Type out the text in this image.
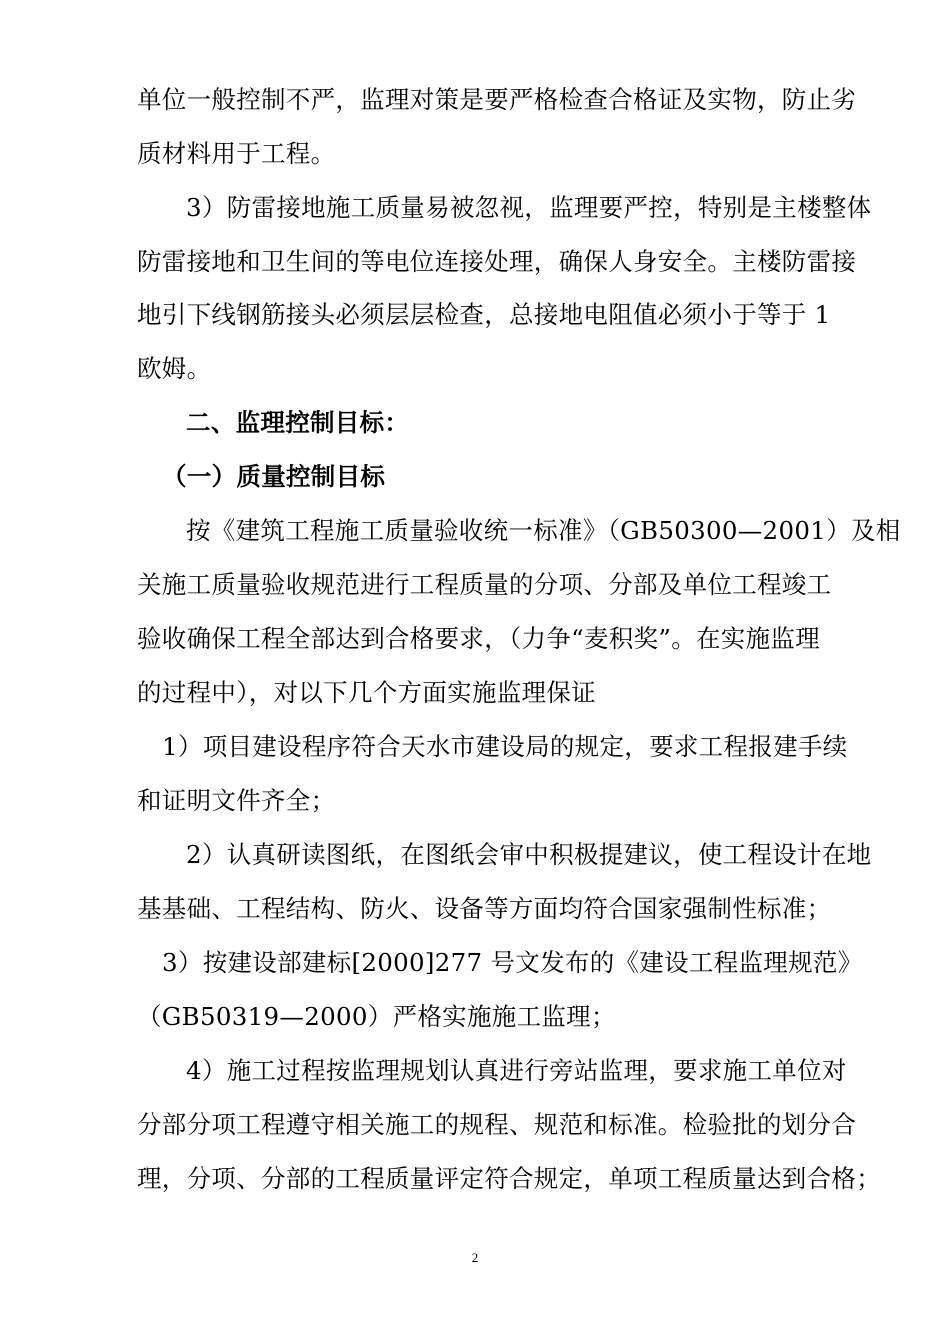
单位一般控制不严，监理对策是要严格检查合格证及实物，防止劣
质材料用于工程。
3）防雷接地施工质量易被忽视，监理要严控，特别是主楼整体
防雷接地和卫生间的等电位连接处理，确保人身安全。主楼防雷接
地引下线钢筋接头必须层层检查，总接地电阻值必须小于等于 1
欧姆。
二、监理控制目标：
（一）质量控制目标
按《建筑工程施工质量验收统一标准》（GB50300—2001）及相
关施工质量验收规范进行工程质量的分项、分部及单位工程竣工
验收确保工程全部达到合格要求，（力争“麦积奖”。在实施监理
的过程中），对以下几个方面实施监理保证
1）项目建设程序符合天水市建设局的规定，要求工程报建手续
和证明文件齐全；
2）认真研读图纸，在图纸会审中积极提建议，使工程设计在地
基基础、工程结构、防火、设备等方面均符合国家强制性标准；
3）按建设部建标[2000]277 号文发布的《建设工程监理规范》
（GB50319—2000）严格实施施工监理；
4）施工过程按监理规划认真进行旁站监理，要求施工单位对
分部分项工程遵守相关施工的规程、规范和标准。检验批的划分合
理，分项、分部的工程质量评定符合规定，单项工程质量达到合格；
2
